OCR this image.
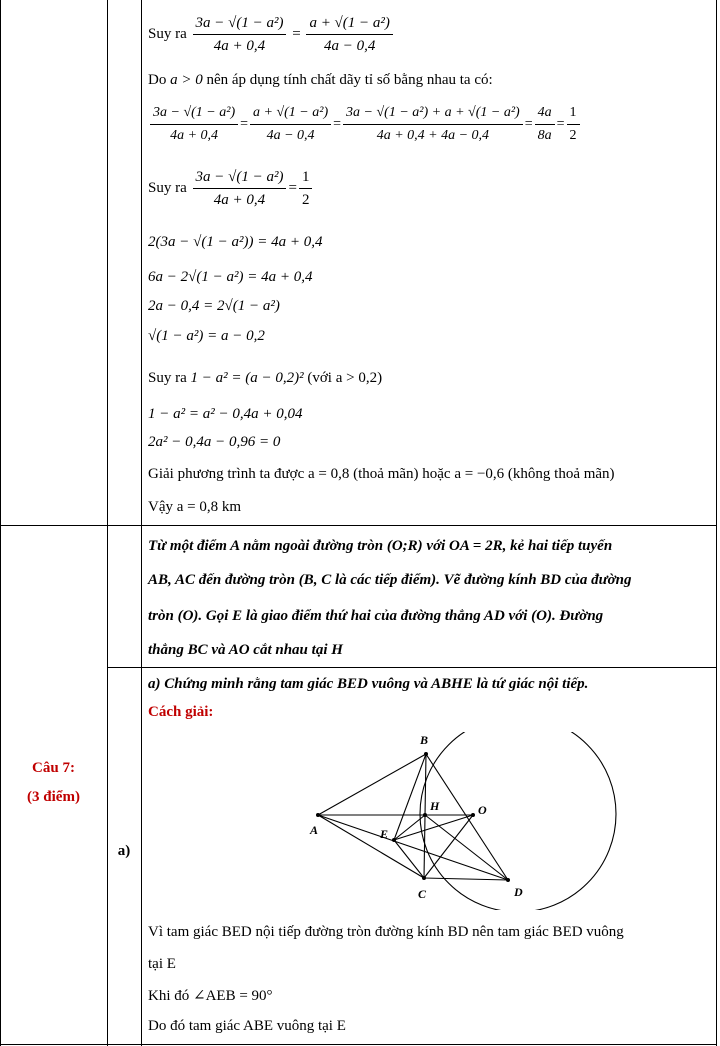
Suy ra $\frac{\text{3a − √(1 − a²)}}{4a + 0,4} = \frac{\text{a + √(1 − a²)}}{4a - 0,4}$
Do a > 0 nên áp dụng tính chất dãy tỉ số bằng nhau ta có:
$\frac{\text{3a − √(1 − a²)}}{4a + 0,4} = \frac{\text{a + √(1 − a²)}}{4a - 0,4} = \frac{\text{3a − √(1 − a²) + a + √(1 − a²)}}{4a + 0,4 + 4a - 0,4} = \frac{4a}{8a} = \frac{1}{2}$
Suy ra $\frac{\text{3a − √(1 − a²)}}{4a + 0,4} = \frac{1}{2}$
2(3a − √(1 − a²)) = 4a + 0,4
6a − 2√(1 − a²) = 4a + 0,4
2a − 0,4 = 2√(1 − a²)
√(1 − a²) = a − 0,2
Suy ra 1 − a² = (a − 0,2)² (với a > 0,2)
1 − a² = a² − 0,4a + 0,04
2a² − 0,4a − 0,96 = 0
Giải phương trình ta được a = 0,8 (thoả mãn) hoặc a = −0,6 (không thoả mãn)
Vậy a = 0,8 km
Câu 7:
(3 điểm)
a)
Từ một điểm A nằm ngoài đường tròn (O;R) với OA = 2R, kẻ hai tiếp tuyến
AB, AC đến đường tròn (B, C là các tiếp điểm). Vẽ đường kính BD của đường
tròn (O). Gọi E là giao điểm thứ hai của đường thẳng AD với (O). Đường
thẳng BC và AO cắt nhau tại H
a) Chứng minh rằng tam giác BED vuông và ABHE là tứ giác nội tiếp.
Cách giải:
A
B
C	D
E
H	O
Vì tam giác BED nội tiếp đường tròn đường kính BD nên tam giác BED vuông
tại E
Khi đó ∠AEB = 90°
Do đó tam giác ABE vuông tại E
